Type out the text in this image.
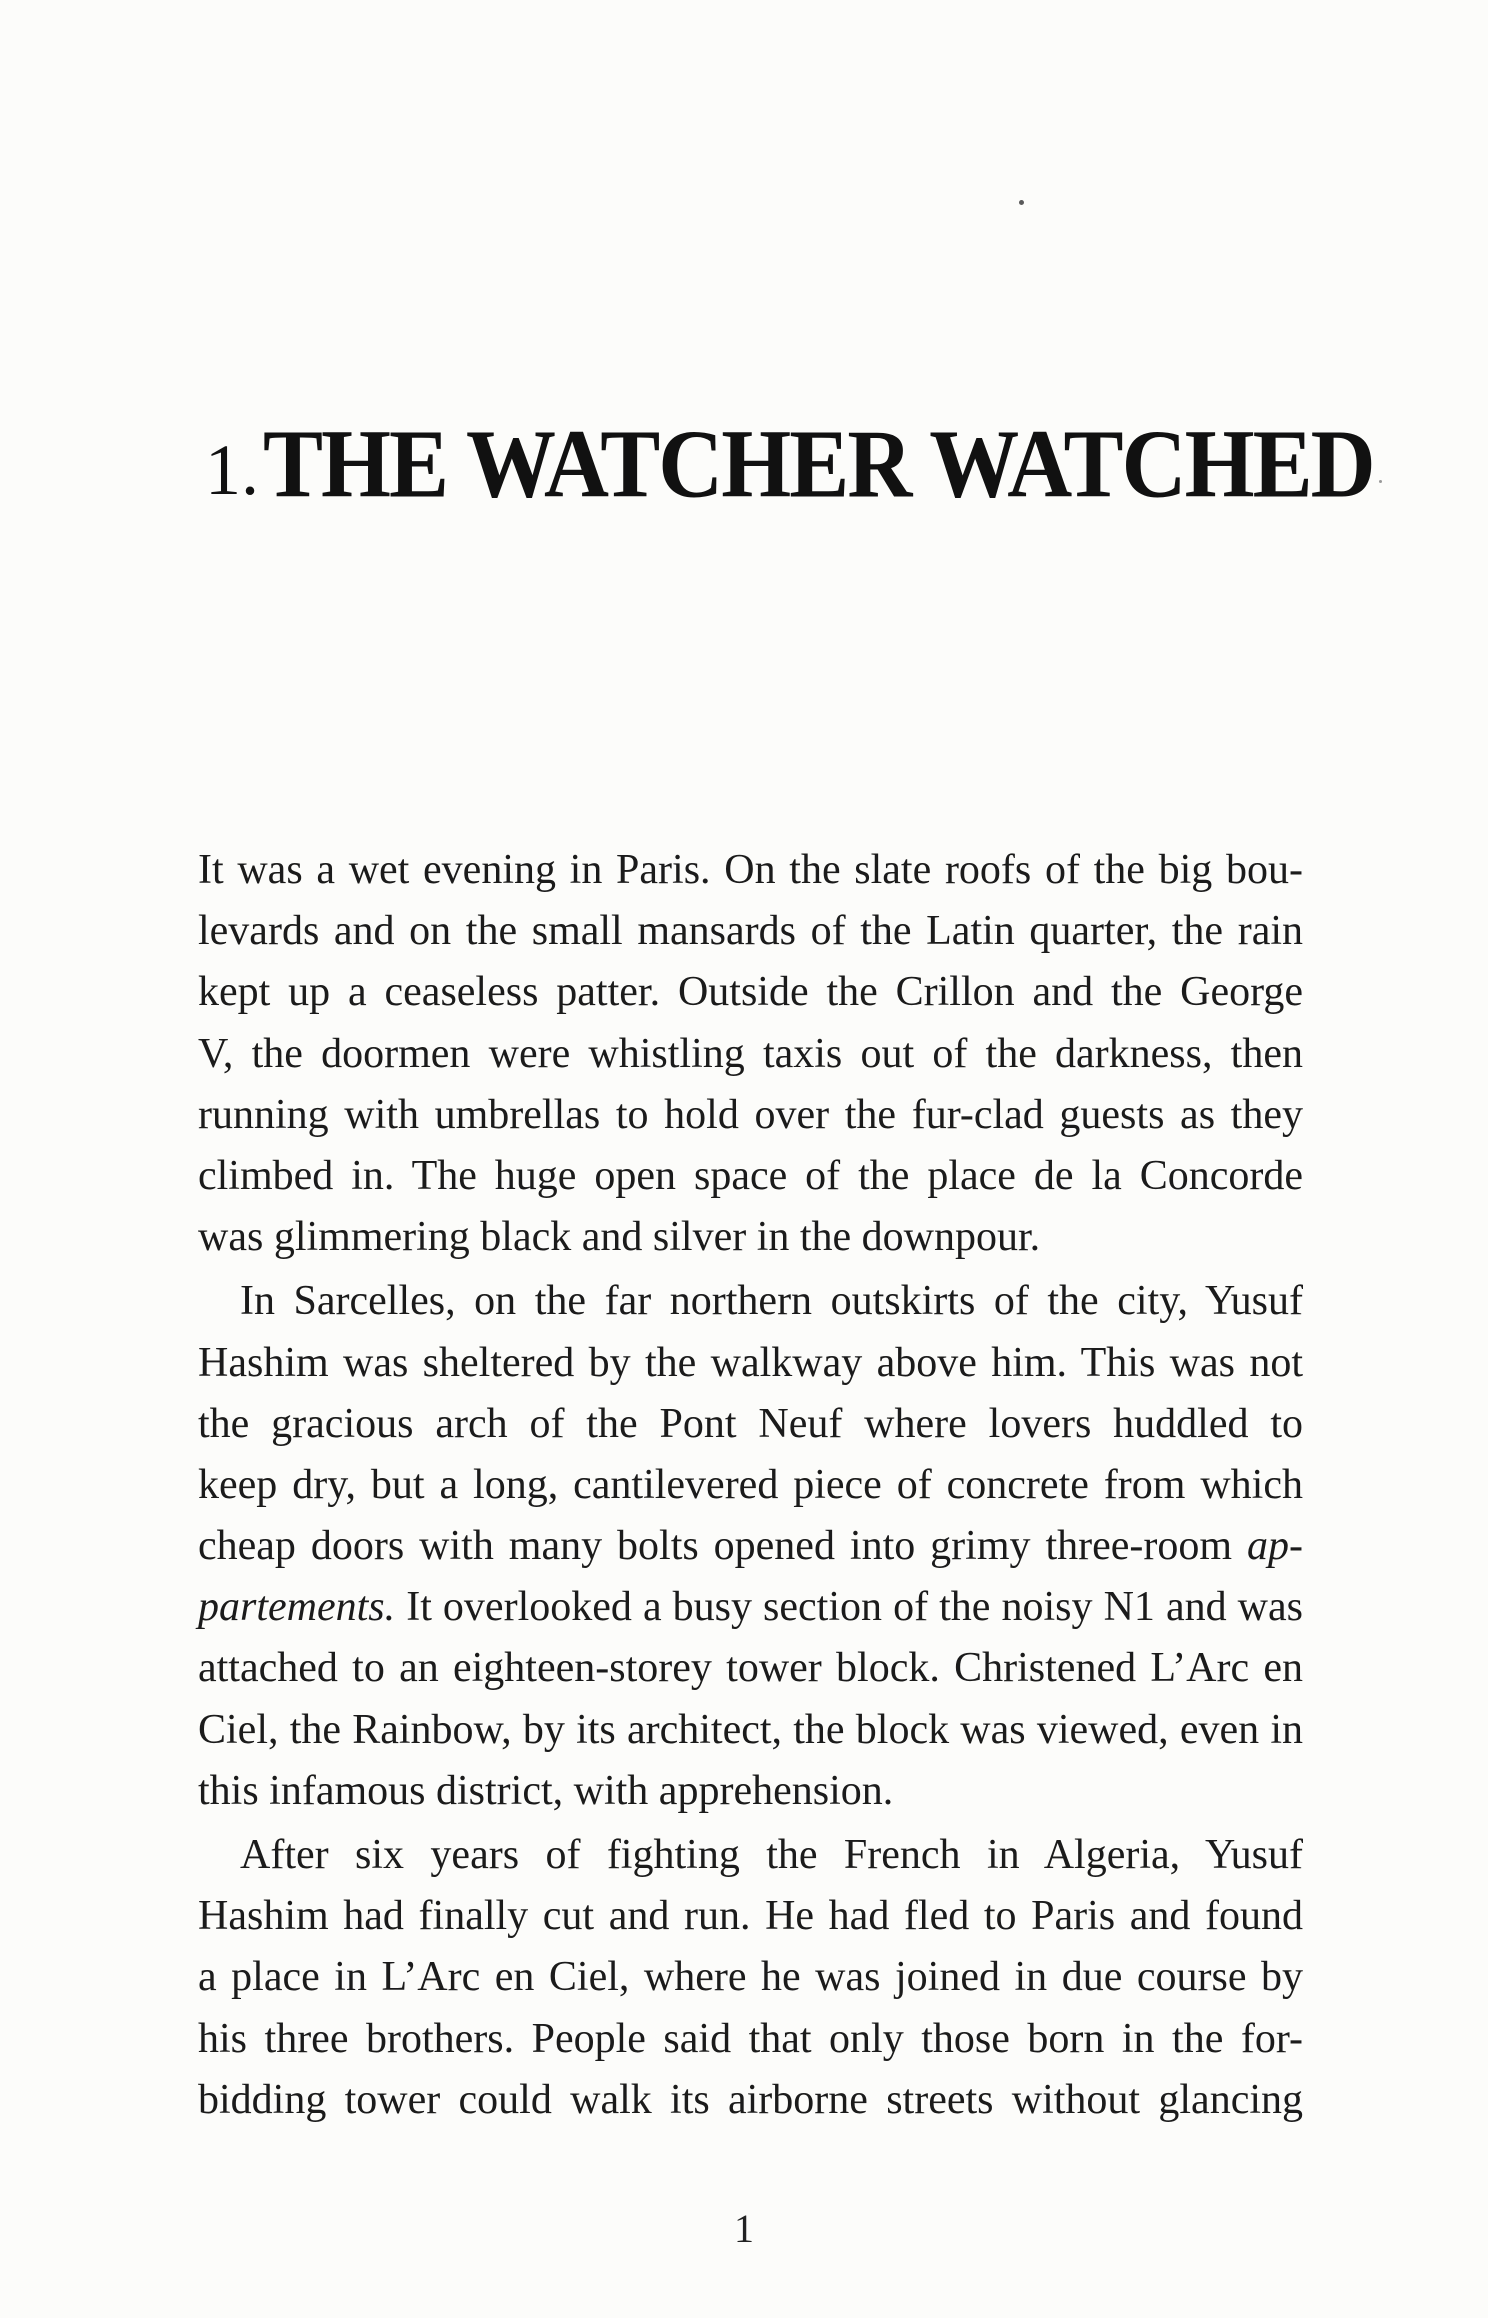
1. THE WATCHER WATCHED
It was a wet evening in Paris. On the slate roofs of the big bou-
levards and on the small mansards of the Latin quarter, the rain
kept up a ceaseless patter. Outside the Crillon and the George
V, the doormen were whistling taxis out of the darkness, then
running with umbrellas to hold over the fur-clad guests as they
climbed in. The huge open space of the place de la Concorde
was glimmering black and silver in the downpour.
In Sarcelles, on the far northern outskirts of the city, Yusuf
Hashim was sheltered by the walkway above him. This was not
the gracious arch of the Pont Neuf where lovers huddled to
keep dry, but a long, cantilevered piece of concrete from which
cheap doors with many bolts opened into grimy three-room ap-
partements. It overlooked a busy section of the noisy N1 and was
attached to an eighteen-storey tower block. Christened L’Arc en
Ciel, the Rainbow, by its architect, the block was viewed, even in
this infamous district, with apprehension.
After six years of fighting the French in Algeria, Yusuf
Hashim had finally cut and run. He had fled to Paris and found
a place in L’Arc en Ciel, where he was joined in due course by
his three brothers. People said that only those born in the for-
bidding tower could walk its airborne streets without glancing
1
